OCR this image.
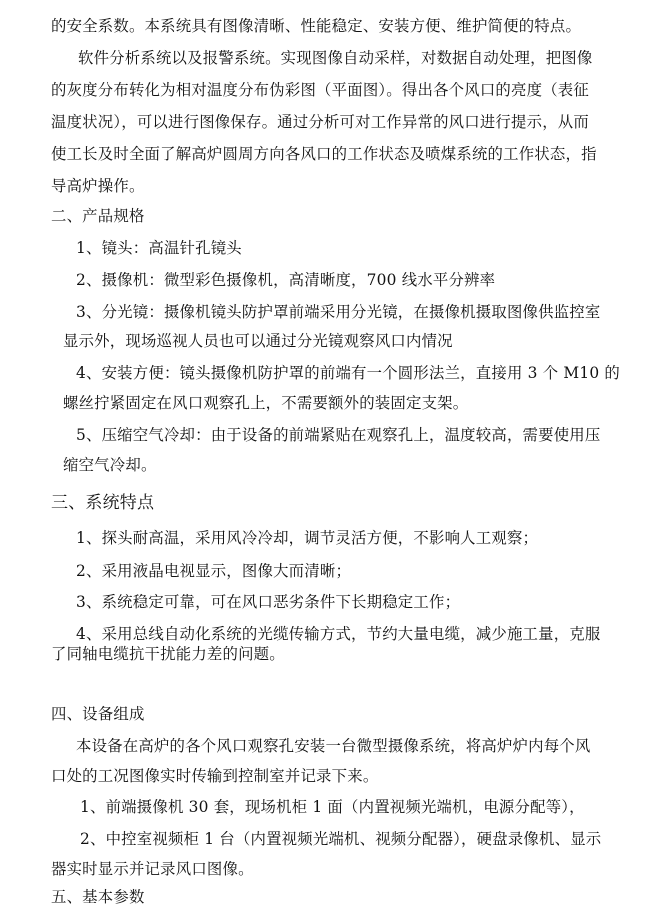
的安全系数。本系统具有图像清晰、性能稳定、安装方便、维护简便的特点。
软件分析系统以及报警系统。实现图像自动采样，对数据自动处理，把图像
的灰度分布转化为相对温度分布伪彩图（平面图）。得出各个风口的亮度（表征
温度状况），可以进行图像保存。通过分析可对工作异常的风口进行提示，从而
使工长及时全面了解高炉圆周方向各风口的工作状态及喷煤系统的工作状态，指
导高炉操作。
二、产品规格
1、镜头：高温针孔镜头
2、摄像机：微型彩色摄像机，高清晰度，700 线水平分辨率
3、分光镜：摄像机镜头防护罩前端采用分光镜，在摄像机摄取图像供监控室
显示外，现场巡视人员也可以通过分光镜观察风口内情况
4、安装方便：镜头摄像机防护罩的前端有一个圆形法兰，直接用 3 个 M10 的
螺丝拧紧固定在风口观察孔上，不需要额外的装固定支架。
5、压缩空气冷却：由于设备的前端紧贴在观察孔上，温度较高，需要使用压
缩空气冷却。
三、系统特点
1、探头耐高温，采用风冷冷却，调节灵活方便，不影响人工观察；
2、采用液晶电视显示，图像大而清晰；
3、系统稳定可靠，可在风口恶劣条件下长期稳定工作；
4、采用总线自动化系统的光缆传输方式，节约大量电缆，减少施工量，克服
了同轴电缆抗干扰能力差的问题。
四、设备组成
本设备在高炉的各个风口观察孔安装一台微型摄像系统，将高炉炉内每个风
口处的工况图像实时传输到控制室并记录下来。
1、前端摄像机 30 套，现场机柜 1 面（内置视频光端机，电源分配等），
2、中控室视频柜 1 台（内置视频光端机、视频分配器），硬盘录像机、显示
器实时显示并记录风口图像。
五、基本参数
